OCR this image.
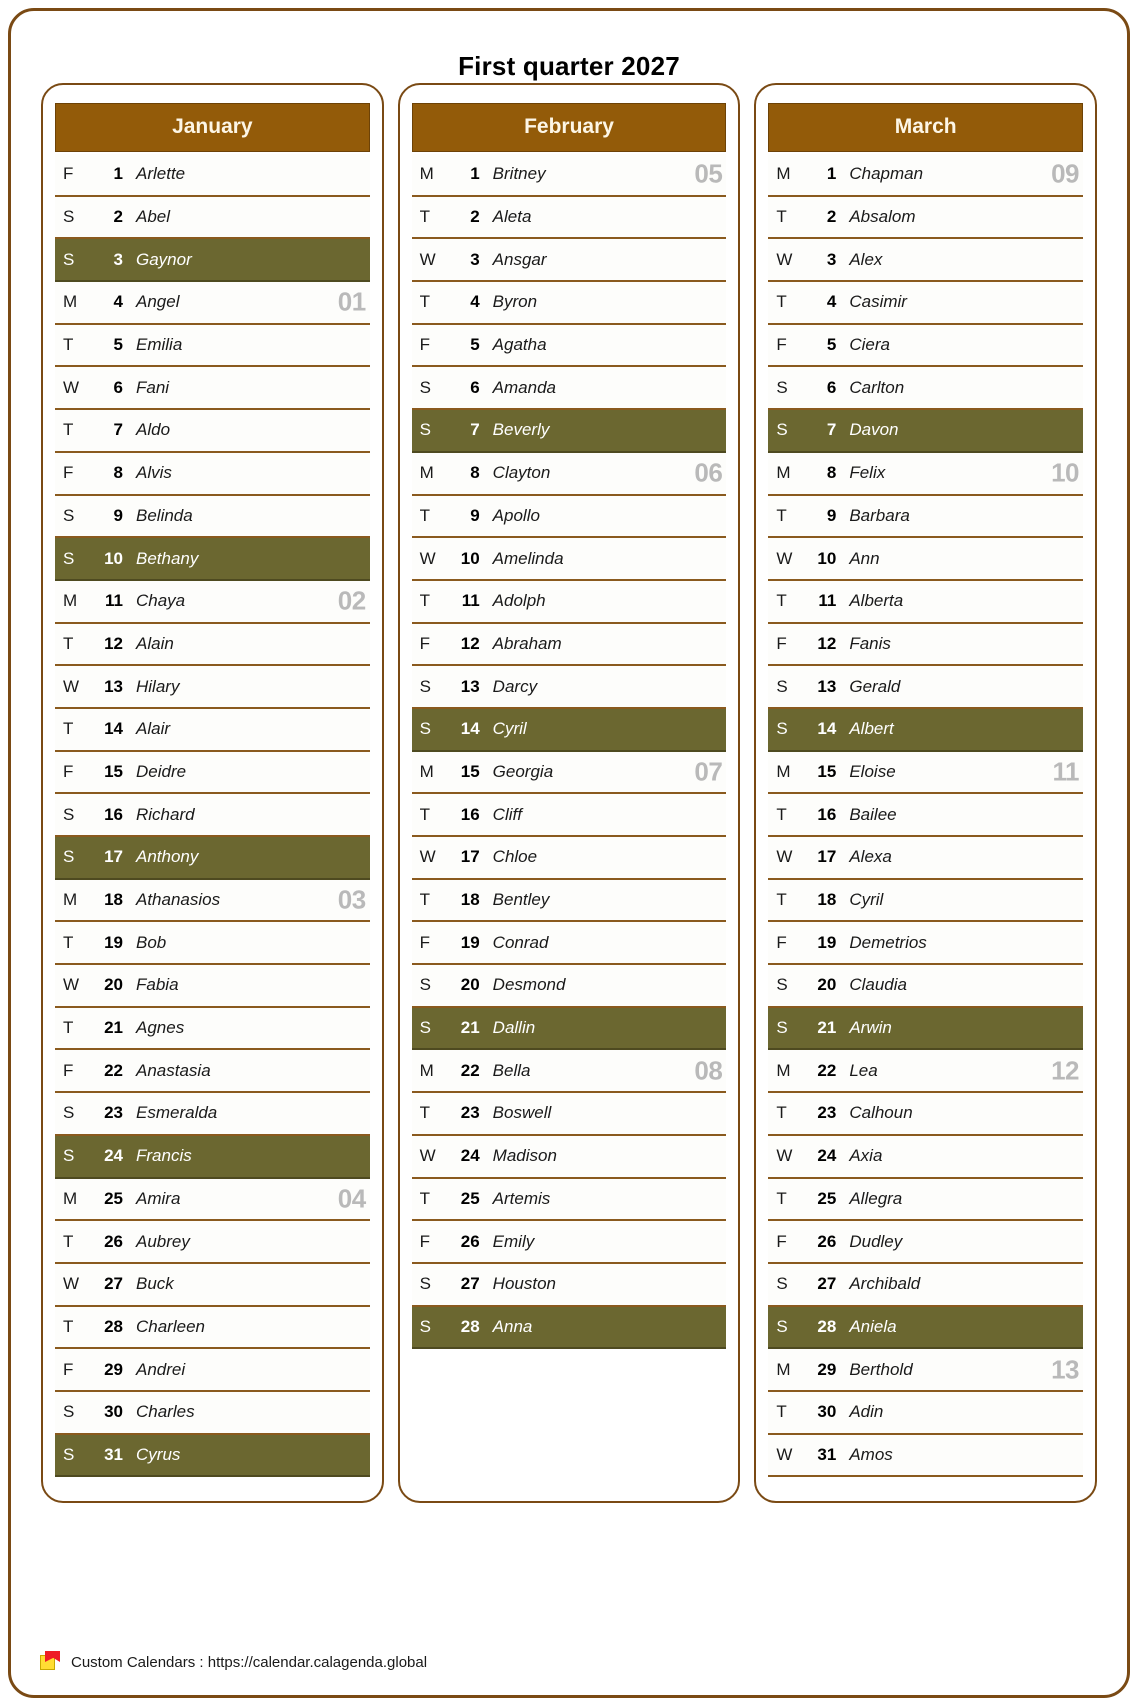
First quarter 2027
January
F	1 Arlette
S	2 Abel
S	3 Gaynor
M	4 Angel	01
T	5 Emilia
W	6 Fani
T	7 Aldo
F	8 Alvis
S	9 Belinda
S	10 Bethany
M	11 Chaya	02
T	12 Alain
W	13 Hilary
T	14 Alair
F	15 Deidre
S	16 Richard
S	17 Anthony
M	18 Athanasios	03
T	19 Bob
W	20 Fabia
T	21 Agnes
F	22 Anastasia
S	23 Esmeralda
S	24 Francis
M	25 Amira	04
T	26 Aubrey
W	27 Buck
T	28 Charleen
F	29 Andrei
S	30 Charles
S	31 Cyrus
February
M	1 Britney	05
T	2 Aleta
W	3 Ansgar
T	4 Byron
F	5 Agatha
S	6 Amanda
S	7 Beverly
M	8 Clayton	06
T	9 Apollo
W	10 Amelinda
T	11 Adolph
F	12 Abraham
S	13 Darcy
S	14 Cyril
M	15 Georgia	07
T	16 Cliff
W	17 Chloe
T	18 Bentley
F	19 Conrad
S	20 Desmond
S	21 Dallin
M	22 Bella	08
T	23 Boswell
W	24 Madison
T	25 Artemis
F	26 Emily
S	27 Houston
S	28 Anna
March
M	1 Chapman	09
T	2 Absalom
W	3 Alex
T	4 Casimir
F	5 Ciera
S	6 Carlton
S	7 Davon
M	8 Felix	10
T	9 Barbara
W	10 Ann
T	11 Alberta
F	12 Fanis
S	13 Gerald
S	14 Albert
M	15 Eloise	11
T	16 Bailee
W	17 Alexa
T	18 Cyril
F	19 Demetrios
S	20 Claudia
S	21 Arwin
M	22 Lea	12
T	23 Calhoun
W	24 Axia
T	25 Allegra
F	26 Dudley
S	27 Archibald
S	28 Aniela
M	29 Berthold	13
T	30 Adin
W	31 Amos
Custom Calendars : https://calendar.calagenda.global
